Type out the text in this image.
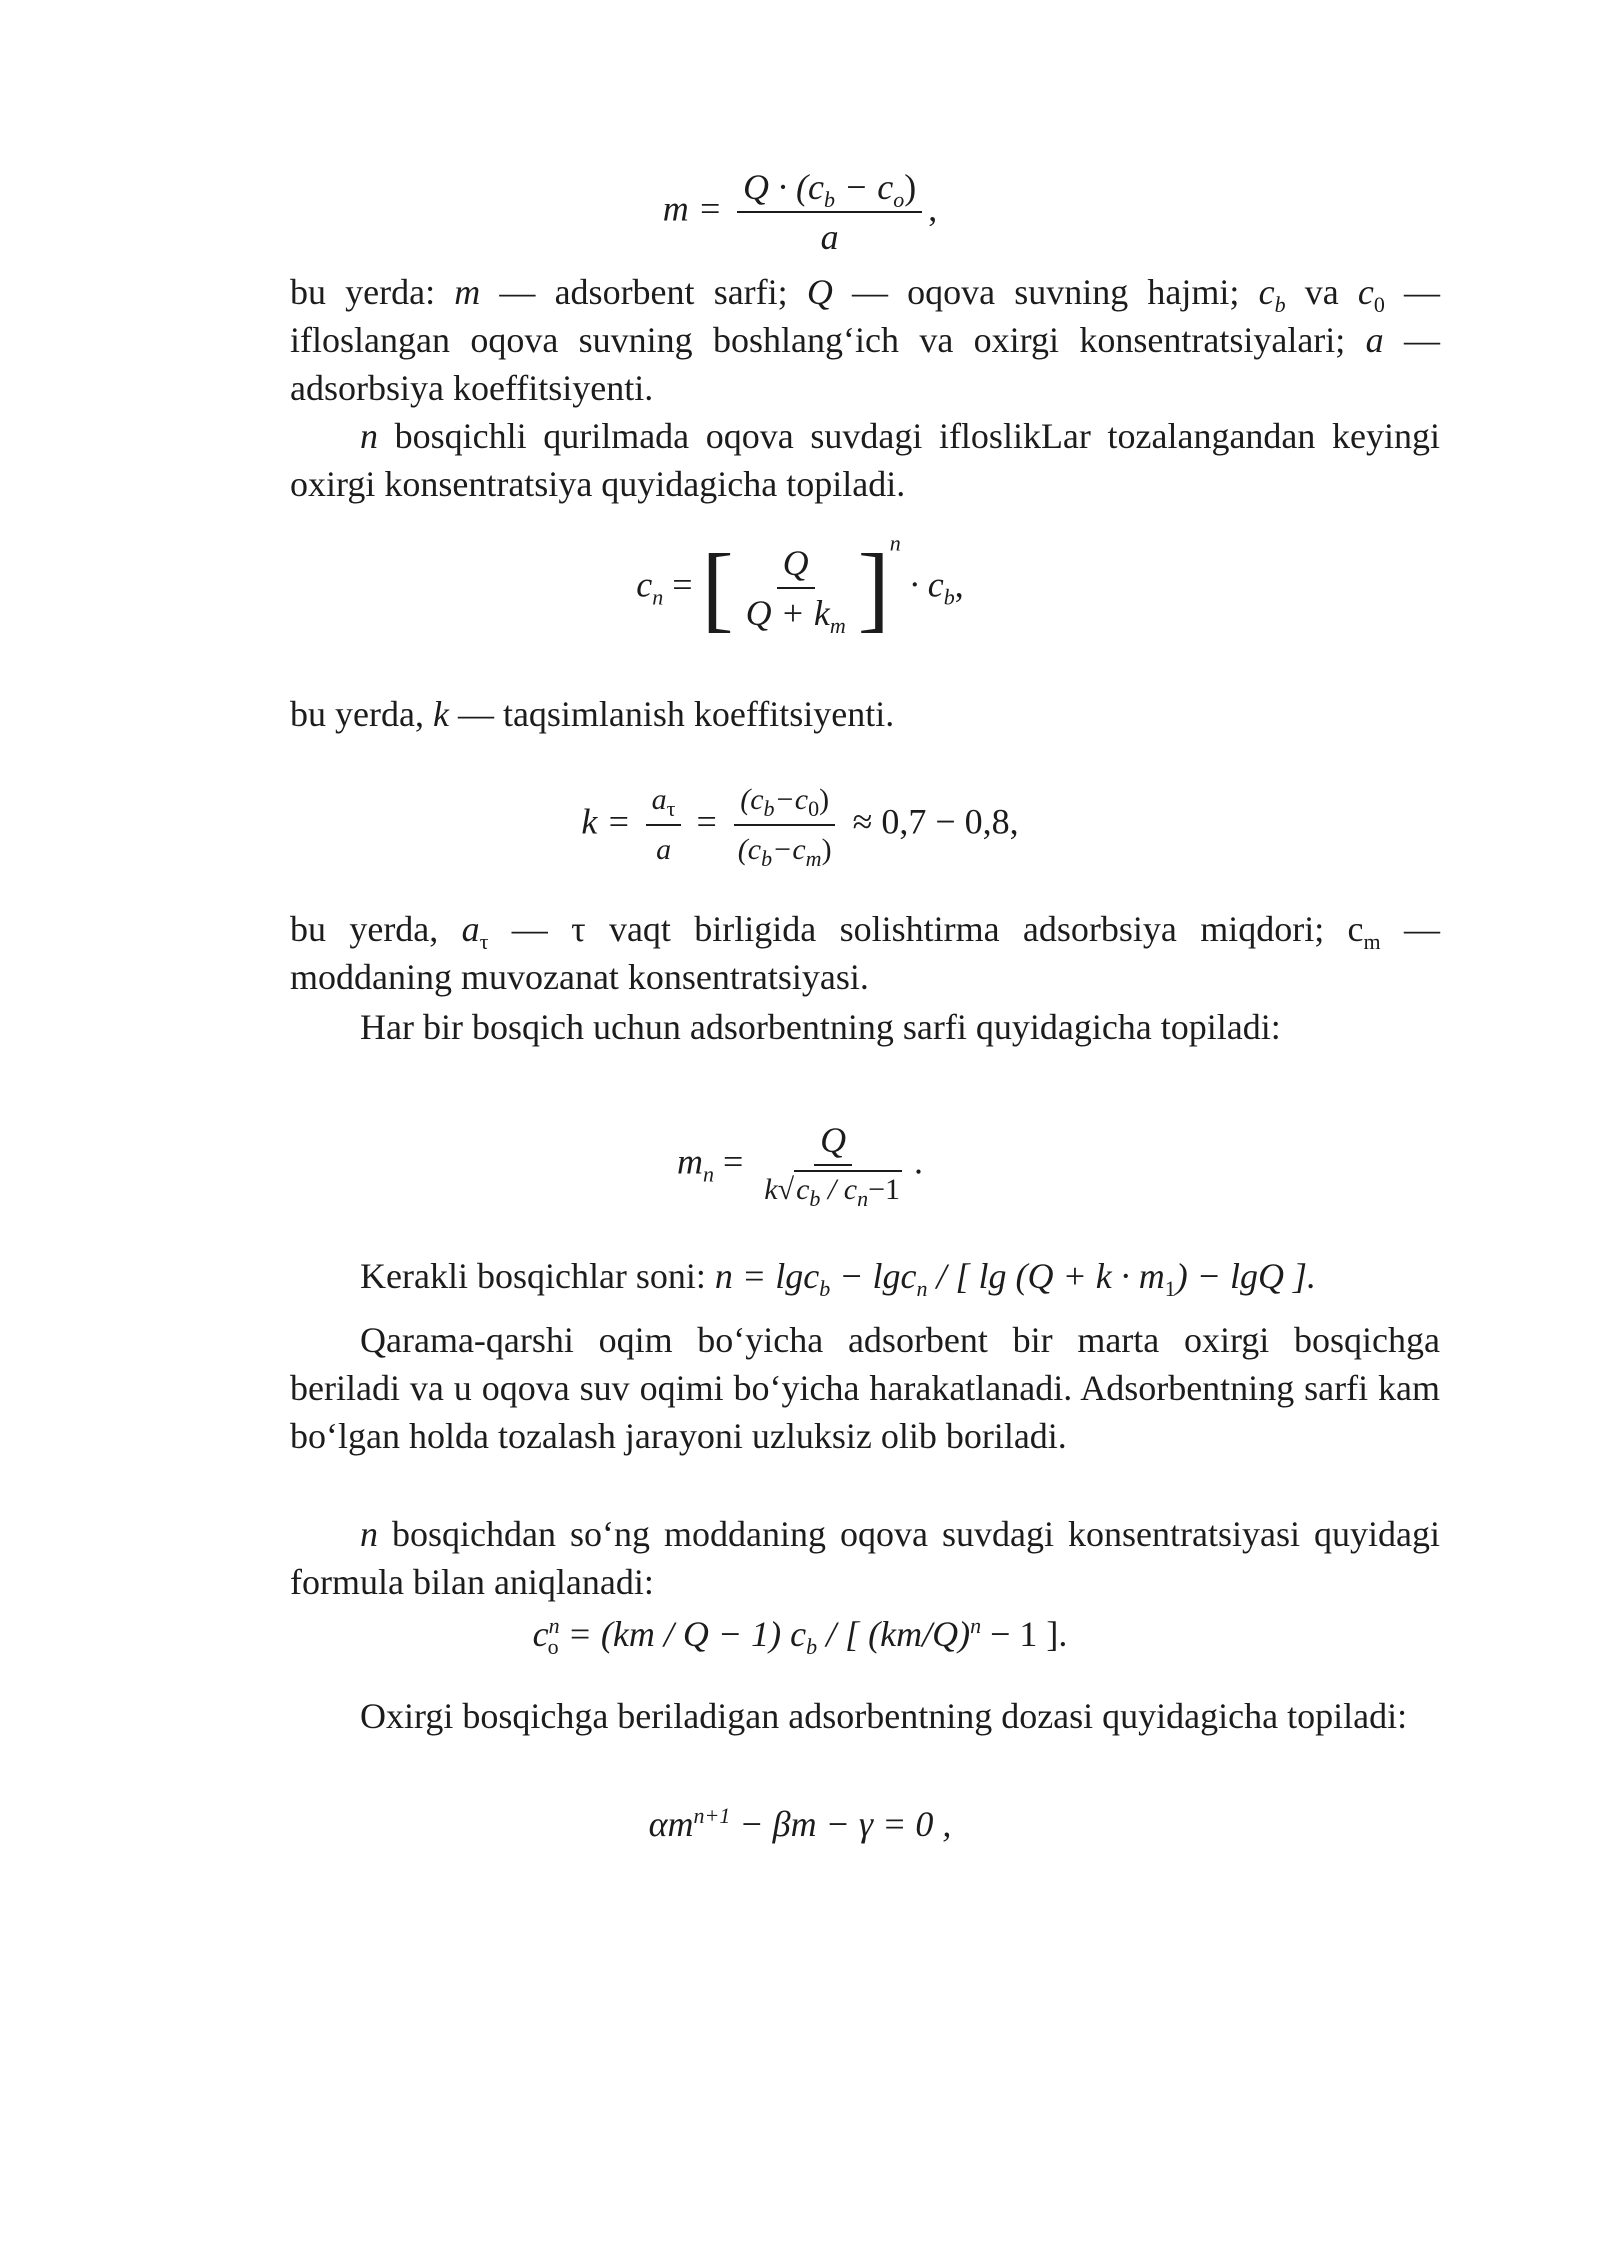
$m = \frac{Q \cdot (c_b - c_o)}{a}$ ,
bu yerda: m — adsorbent sarfi; Q — oqova suvning hajmi; $c_b$ va $c_0$ — ifloslangan oqova suvning boshlang‘ich va oxirgi konsentratsiyalari; a — adsorbsiya koeffitsiyenti.
n bosqichli qurilmada oqova suvdagi ifloslikLar tozalangandan keyingi oxirgi konsentratsiya quyidagicha topiladi.
$c_n$ = [ $\frac{Q}{Q + k_m} ]^n \cdot c_b$,
bu yerda, k — taqsimlanish koeffitsiyenti.
$k = \frac{a_\tau}{a} = \frac{(c_b-c_0)}{(c_b-c_m)} \approx 0,7 - 0,8$,
bu yerda, $a_\tau$ — τ vaqt birligida solishtirma adsorbsiya miqdori; $c_m$ — moddaning muvozanat konsentratsiyasi.
Har bir bosqich uchun adsorbentning sarfi quyidagicha topiladi:
$m_n = \frac{Q}{k√c_b / c_n-1}$ .
Kerakli bosqichlar soni: n = lgc$_b$ − lgc$_n$ / [ $\lg (Q + k \cdot m_1) - \lg Q$ ].
Qarama-qarshi oqim bo‘yicha adsorbent bir marta oxirgi bosqichga beriladi va u oqova suv oqimi bo‘yicha harakatlanadi. Adsorbentning sarfi kam bo‘lgan holda tozalash jarayoni uzluksiz olib boriladi.
n bosqichdan so‘ng moddaning oqova suvdagi konsentratsiyasi quyidagi formula bilan aniqlanadi:
$c^n_o = (km / Q - 1)$ $c_b$ / [ $(km/Q)^n - 1$ ].
Oxirgi bosqichga beriladigan adsorbentning dozasi quyidagicha topiladi:
$\alpha m^{n+1} - \beta m - \gamma = 0$ ,
